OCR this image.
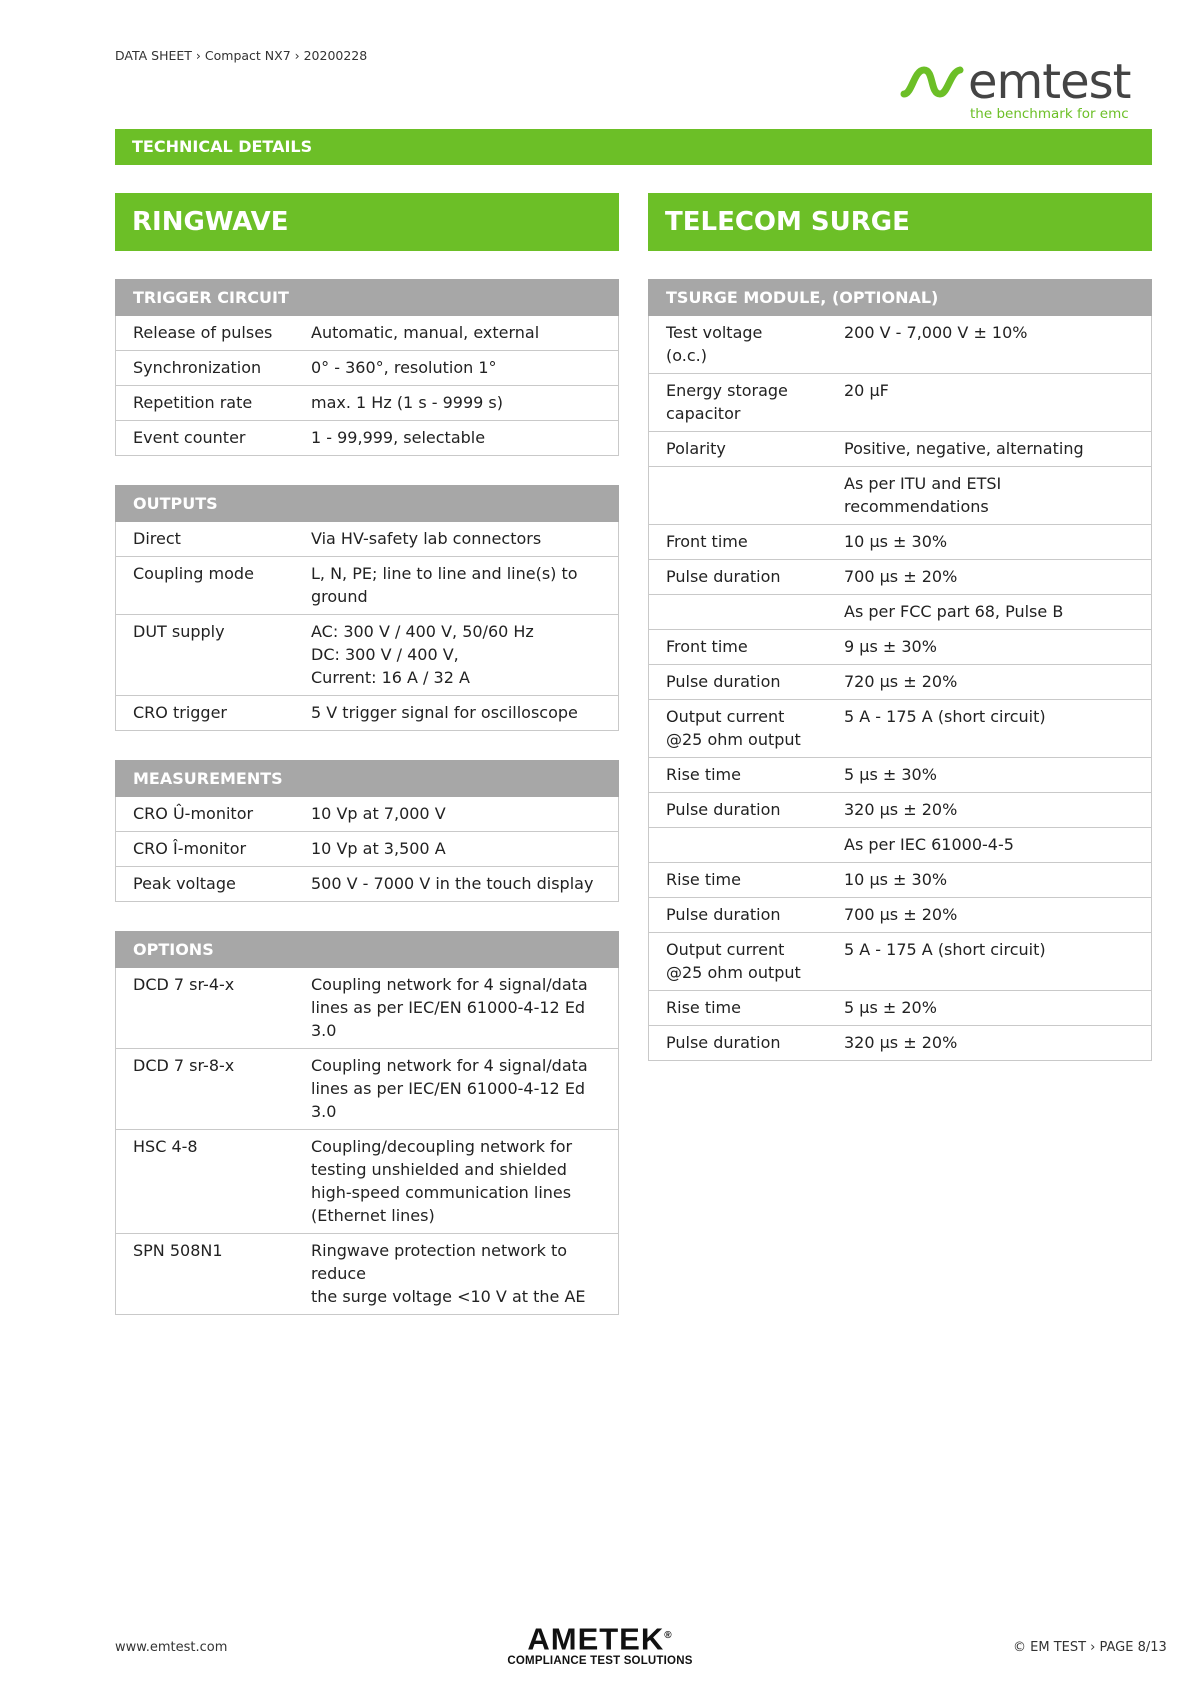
DATA SHEET › Compact NX7 › 20200228	emtest
the benchmark for emc
TECHNICAL DETAILS
RINGWAVE
TRIGGER CIRCUIT	
Release of pulses	Automatic, manual, external
Synchronization	0° - 360°, resolution 1°
Repetition rate	max. 1 Hz (1 s - 9999 s)
Event counter	1 - 99,999, selectable
OUTPUTS	
Direct	Via HV-safety lab connectors
Coupling mode	L, N, PE; line to line and line(s) to ground
DUT supply	AC: 300 V / 400 V, 50/60 Hz
DC: 300 V / 400 V,
Current: 16 A / 32 A
CRO trigger	5 V trigger signal for oscilloscope
MEASUREMENTS	
CRO Û-monitor	10 Vp at 7,000 V
CRO Î-monitor	10 Vp at 3,500 A
Peak voltage	500 V - 7000 V in the touch display
OPTIONS	
DCD 7 sr-4-x	Coupling network for 4 signal/data lines as per IEC/EN 61000-4-12 Ed 3.0
DCD 7 sr-8-x	Coupling network for 4 signal/data lines as per IEC/EN 61000-4-12 Ed 3.0
HSC 4-8	Coupling/decoupling network for testing unshielded and shielded high-speed communication lines (Ethernet lines)
SPN 508N1	Ringwave protection network to reduce
the surge voltage <10 V at the AE
TELECOM SURGE
TSURGE MODULE, (OPTIONAL)	
Test voltage (o.c.)	200 V - 7,000 V ± 10%
Energy storage capacitor	20 µF
Polarity	Positive, negative, alternating
	As per ITU and ETSI recommendations
Front time	10 µs ± 30%
Pulse duration	700 µs ± 20%
	As per FCC part 68, Pulse B
Front time	9 µs ± 30%
Pulse duration	720 µs ± 20%
Output current @25 ohm output	5 A - 175 A (short circuit)
Rise time	5 µs ± 30%
Pulse duration	320 µs ± 20%
	As per IEC 61000-4-5
Rise time	10 µs ± 30%
Pulse duration	700 µs ± 20%
Output current @25 ohm output	5 A - 175 A (short circuit)
Rise time	5 µs ± 20%
Pulse duration	320 µs ± 20%
www.emtest.com	AMETEK®
COMPLIANCE TEST SOLUTIONS
© EM TEST › PAGE 8/13
